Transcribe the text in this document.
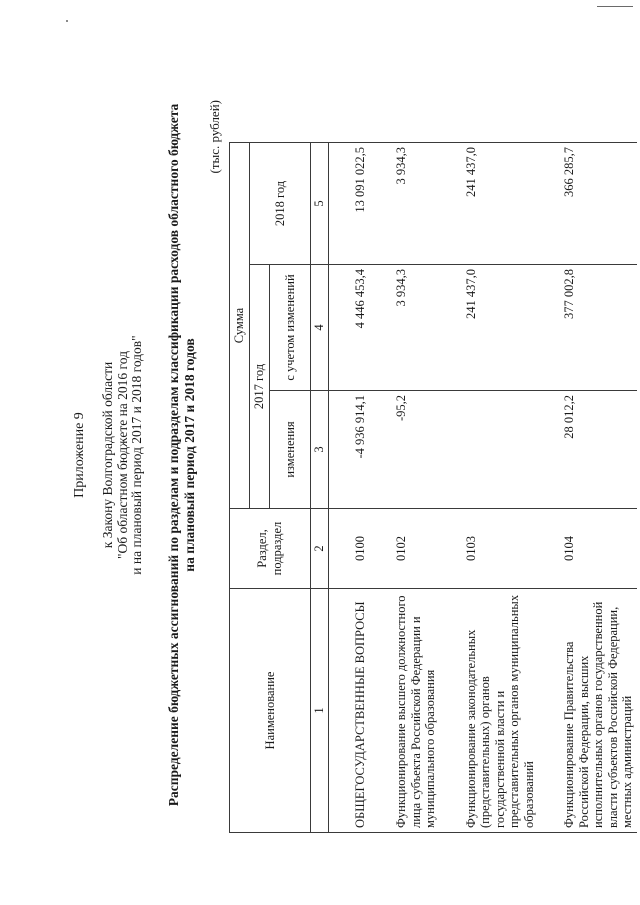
Приложение 9 к Закону Волгоградской области "Об областном бюджете на 2016 год и на плановый период 2017 и 2018 годов" Распределение бюджетных ассигнований по разделам и подразделам классификации расходов областного бюджета на плановый период 2017 и 2018 годов
(тыс. рублей)
Наименование	Раздел, подраздел	Сумма		
		2017 год		2018 год
		изменения	с учетом изменений	
1	2	3	4	5

ОБЩЕГОСУДАРСТВЕННЫЕ ВОПРОСЫ	0100	-4 936 914,1	4 446 453,4	13 091 022,5

Функционирование высшего должностного лица субъекта Российской Федерации и муниципального образования	0102	-95,2	3 934,3	3 934,3

Функционирование законодательных (представительных) органов государственной власти и представительных органов муниципальных образований	0103		241 437,0	241 437,0

Функционирование Правительства Российской Федерации, высших исполнительных органов государственной власти субъектов Российской Федерации, местных администраций	0104	28 012,2	377 002,8	366 285,7
